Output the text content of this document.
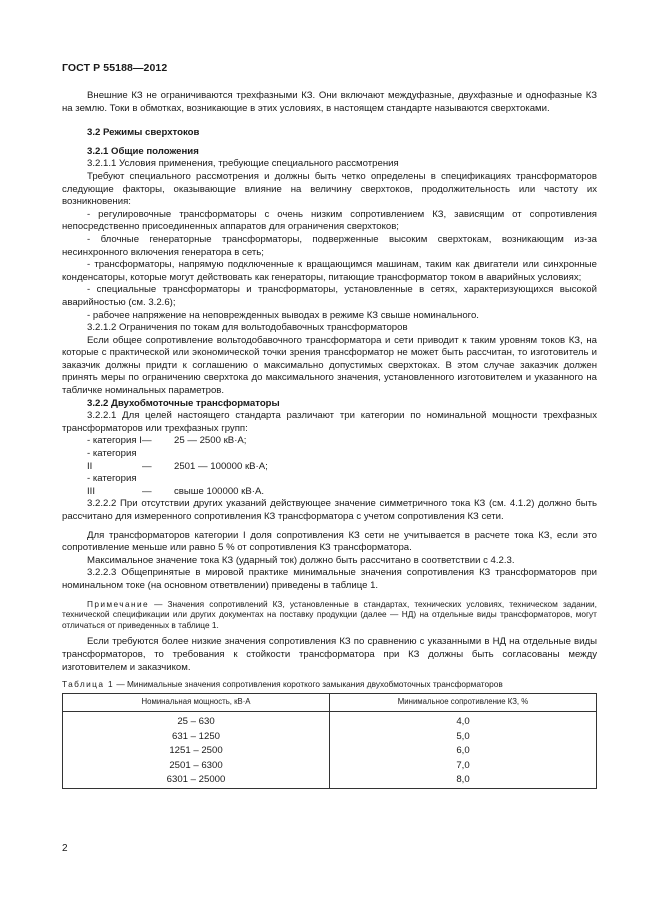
ГОСТ Р 55188—2012

Внешние КЗ не ограничиваются трехфазными КЗ. Они включают междуфазные, двухфазные и однофазные КЗ на землю. Токи в обмотках, возникающие в этих условиях, в настоящем стандарте называются сверхтоками.

3.2 Режимы сверхтоков

3.2.1 Общие положения

3.2.1.1 Условия применения, требующие специального рассмотрения

Требуют специального рассмотрения и должны быть четко определены в спецификациях трансформаторов следующие факторы, оказывающие влияние на величину сверхтоков, продолжительность или частоту их возникновения:

- регулировочные трансформаторы с очень низким сопротивлением КЗ, зависящим от сопротивления непосредственно присоединенных аппаратов для ограничения сверхтоков;

- блочные генераторные трансформаторы, подверженные высоким сверхтокам, возникающим из-за несинхронного включения генератора в сеть;

- трансформаторы, напрямую подключенные к вращающимся машинам, таким как двигатели или синхронные конденсаторы, которые могут действовать как генераторы, питающие трансформатор током в аварийных условиях;

- специальные трансформаторы и трансформаторы, установленные в сетях, характеризующихся высокой аварийностью (см. 3.2.6);

- рабочее напряжение на неповрежденных выводах в режиме КЗ свыше номинального.

3.2.1.2 Ограничения по токам для вольтодобавочных трансформаторов

Если общее сопротивление вольтодобавочного трансформатора и сети приводит к таким уровням токов КЗ, на которые с практической или экономической точки зрения трансформатор не может быть рассчитан, то изготовитель и заказчик должны придти к соглашению о максимально допустимых сверхтоках. В этом случае заказчик должен принять меры по ограничению сверхтока до максимального значения, установленного изготовителем и указанного на табличке номинальных параметров.

3.2.2 Двухобмоточные трансформаторы

3.2.2.1 Для целей настоящего стандарта различают три категории по номинальной мощности трехфазных трансформаторов или трехфазных групп:

- категория I— 25 — 2500 кВ·А;
- категория II	— 2501 — 100000 кВ·А;
- категория III	— свыше 100000 кВ·А.

3.2.2.2 При отсутствии других указаний действующее значение симметричного тока КЗ (см. 4.1.2) должно быть рассчитано для измеренного сопротивления КЗ трансформатора с учетом сопротивления КЗ сети.

Для трансформаторов категории I доля сопротивления КЗ сети не учитывается в расчете тока КЗ, если это сопротивление меньше или равно 5 % от сопротивления КЗ трансформатора.

Максимальное значение тока КЗ (ударный ток) должно быть рассчитано в соответствии с 4.2.3.

3.2.2.3 Общепринятые в мировой практике минимальные значения сопротивления КЗ трансформаторов при номинальном токе (на основном ответвлении) приведены в таблице 1.

Примечание — Значения сопротивлений КЗ, установленные в стандартах, технических условиях, техническом задании, технической спецификации или других документах на поставку продукции (далее — НД) на отдельные виды трансформаторов, могут отличаться от приведенных в таблице 1.

Если требуются более низкие значения сопротивления КЗ по сравнению с указанными в НД на отдельные виды трансформаторов, то требования к стойкости трансформатора при КЗ должны быть согласованы между изготовителем и заказчиком.

Таблица 1 — Минимальные значения сопротивления короткого замыкания двухобмоточных трансформаторов
Номинальная мощность, кВ·А	Минимальное сопротивление КЗ, %
25 – 630	4,0
631 – 1250	5,0
1251 – 2500	6,0
2501 – 6300	7,0
6301 – 25000	8,0
2
